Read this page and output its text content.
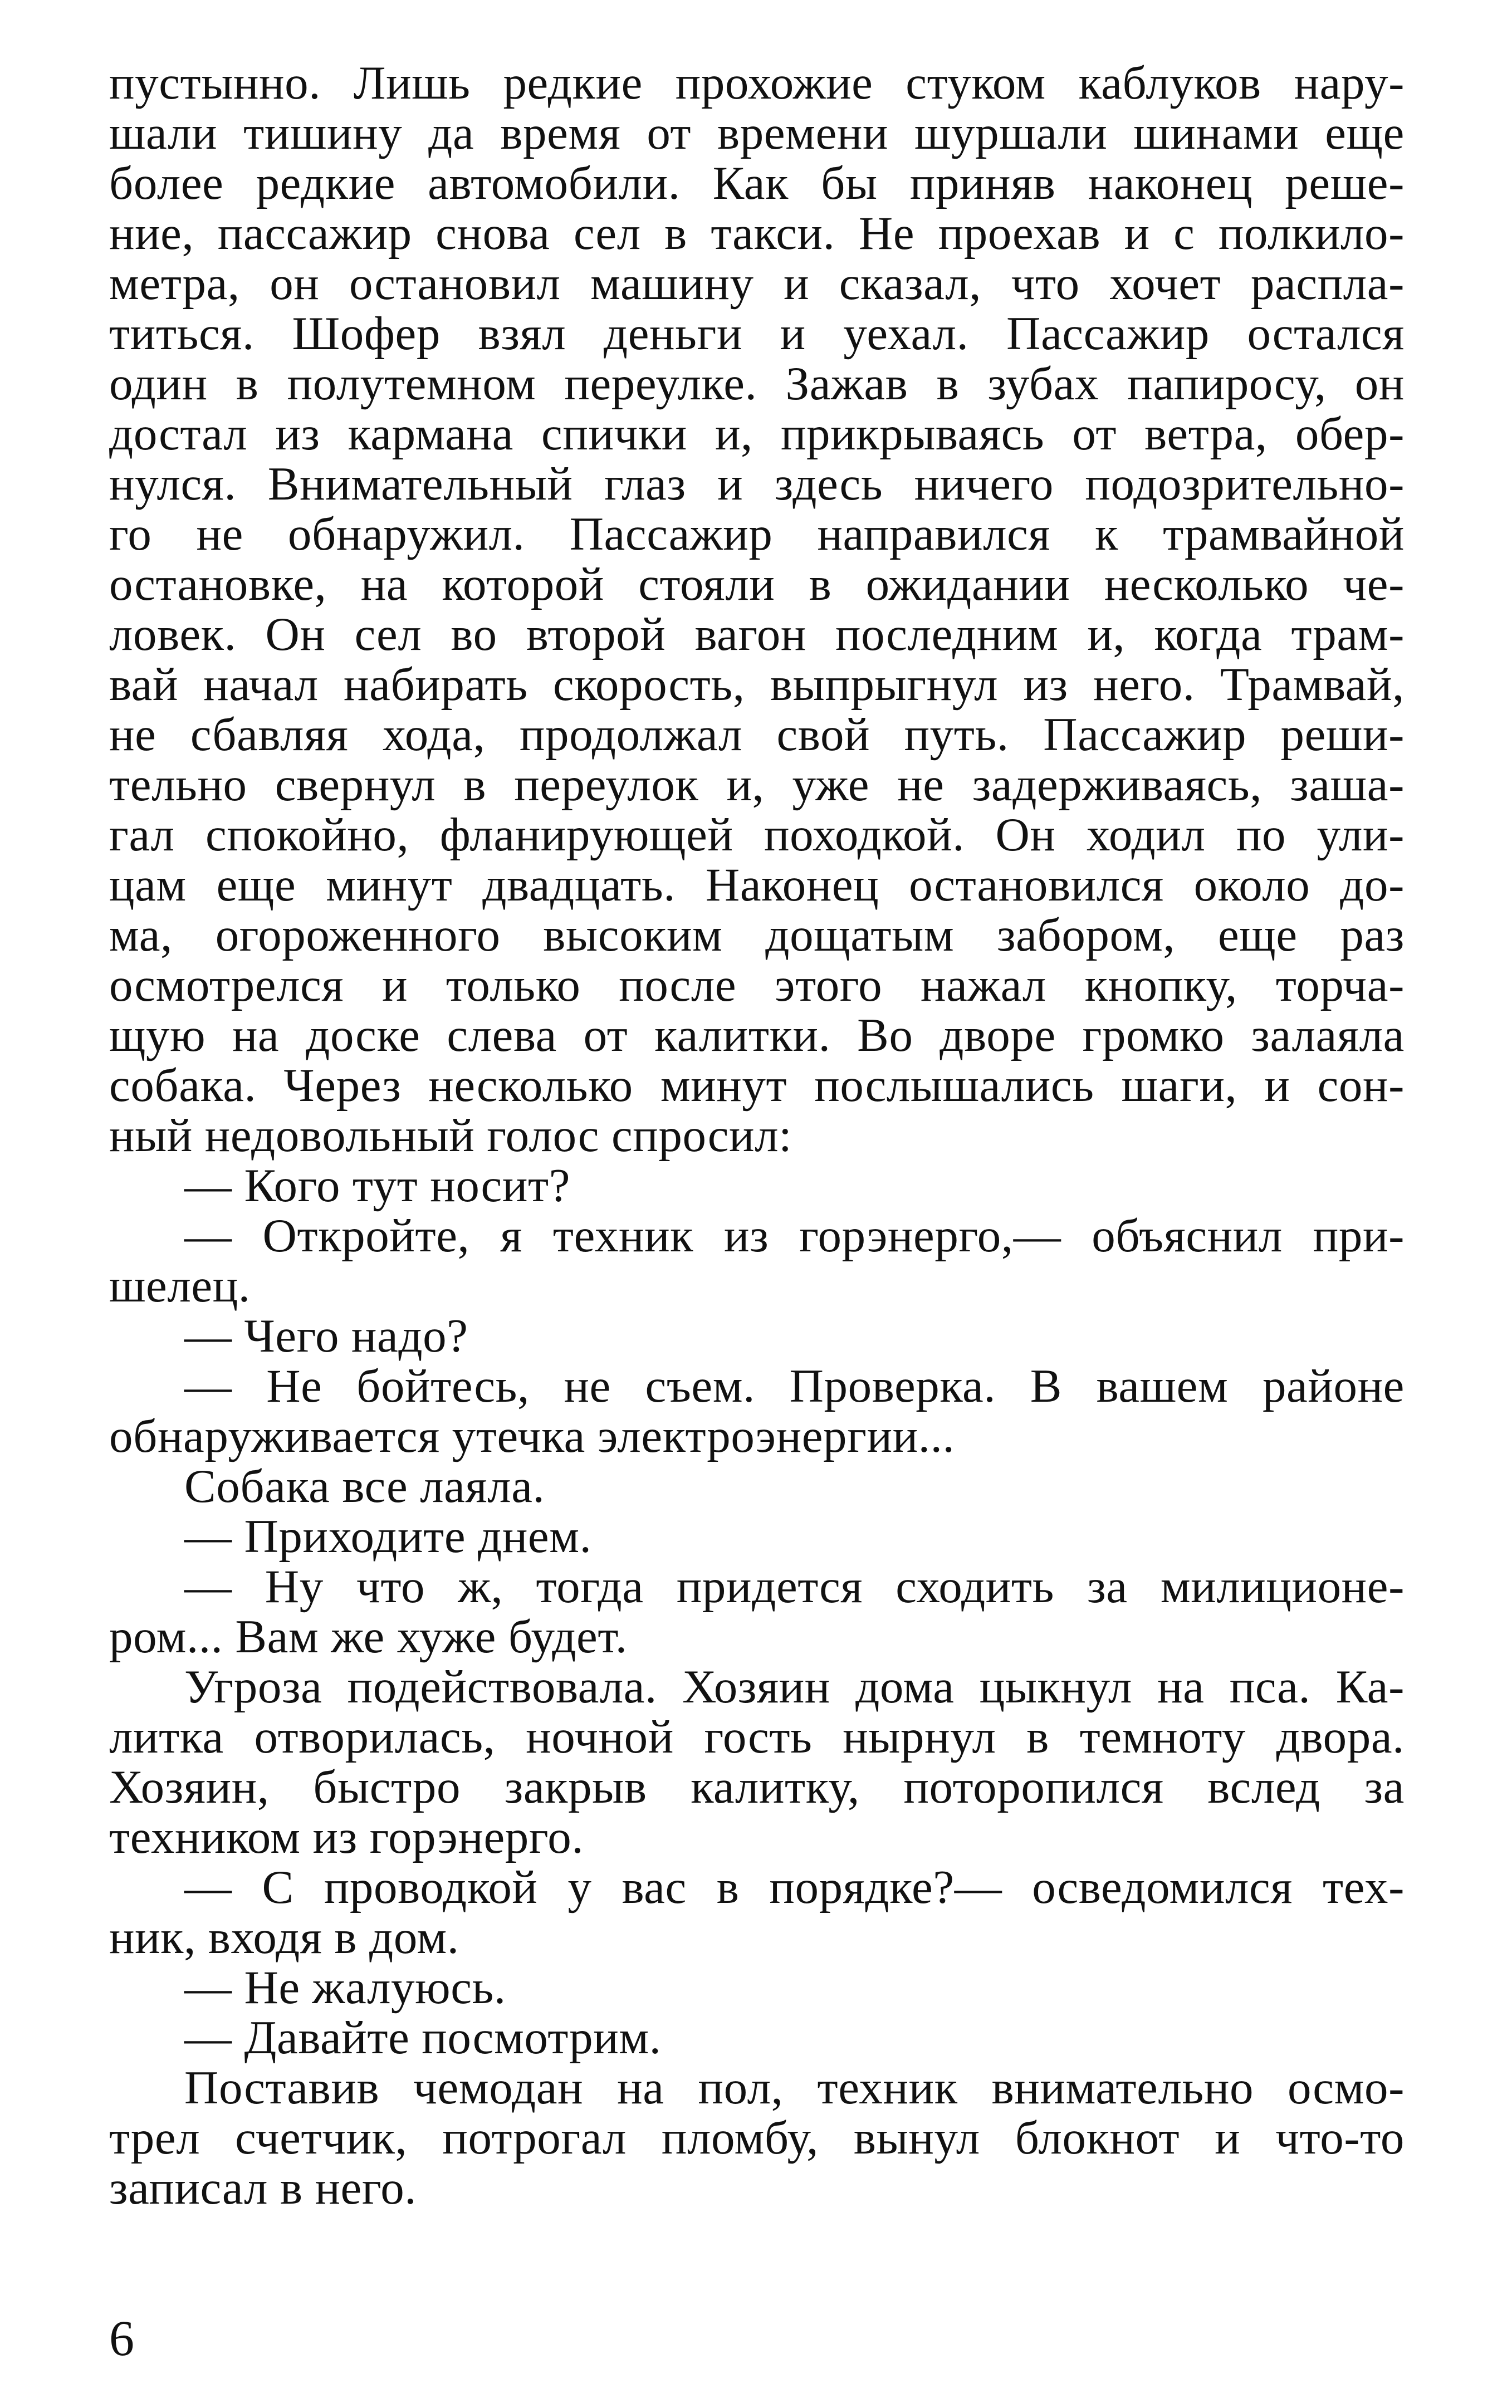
пустынно. Лишь редкие прохожие стуком каблуков нару-
шали тишину да время от времени шуршали шинами еще
более редкие автомобили. Как бы приняв наконец реше-
ние, пассажир снова сел в такси. Не проехав и с полкило-
метра, он остановил машину и сказал, что хочет распла-
титься. Шофер взял деньги и уехал. Пассажир остался
один в полутемном переулке. Зажав в зубах папиросу, он
достал из кармана спички и, прикрываясь от ветра, обер-
нулся. Внимательный глаз и здесь ничего подозрительно-
го не обнаружил. Пассажир направился к трамвайной
остановке, на которой стояли в ожидании несколько че-
ловек. Он сел во второй вагон последним и, когда трам-
вай начал набирать скорость, выпрыгнул из него. Трамвай,
не сбавляя хода, продолжал свой путь. Пассажир реши-
тельно свернул в переулок и, уже не задерживаясь, зaша-
гал спокойно, фланирующей походкой. Он ходил по ули-
цам еще минут двадцать. Наконец остановился около до-
ма, огороженного высоким дощатым забором, еще раз
осмотрелся и только после этого нажал кнопку, торча-
щую на доске слева от калитки. Во дворе громко залаяла
собака. Через несколько минут послышались шаги, и сон-
ный недовольный голос спросил:
— Кого тут носит?
— Откройте, я техник из горэнерго,— объяснил при-
шелец.
— Чего надо?
— Не бойтесь, не съем. Проверка. В вашем районе
обнаруживается утечка электроэнергии...
Собака все лаяла.
— Приходите днем.
— Ну что ж, тогда придется сходить за милиционе-
ром... Вам же хуже будет.
Угроза подействовала. Хозяин дома цыкнул на пса. Ка-
литка отворилась, ночной гость нырнул в темноту двора.
Хозяин, быстро закрыв калитку, поторопился вслед за
техником из горэнерго.
— С проводкой у вас в порядке?— осведомился тех-
ник, входя в дом.
— Не жалуюсь.
— Давайте посмотрим.
Поставив чемодан на пол, техник внимательно осмо-
трел счетчик, потрогал пломбу, вынул блокнот и что-то
записал в него.
6
